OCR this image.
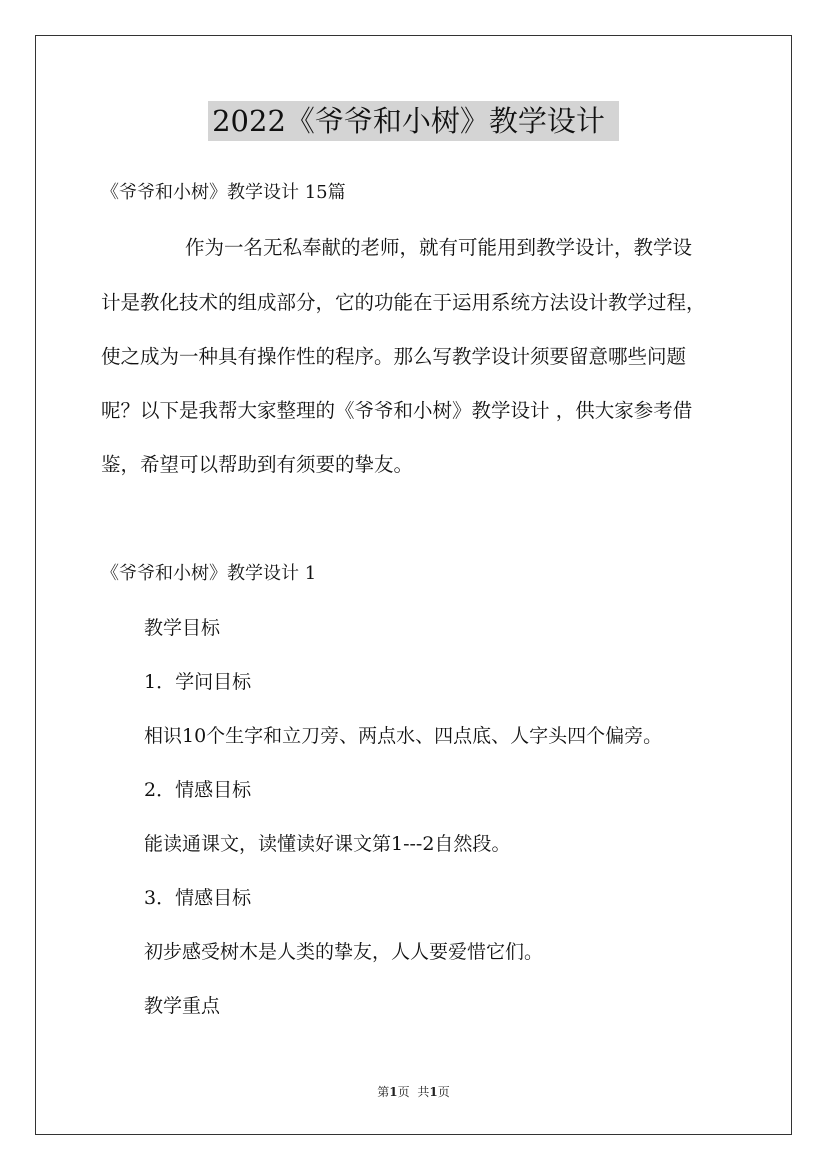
2022《爷爷和小树》教学设计
《爷爷和小树》教学设计 15篇
作为一名无私奉献的老师，就有可能用到教学设计，教学设
计是教化技术的组成部分，它的功能在于运用系统方法设计教学过程，
使之成为一种具有操作性的程序。那么写教学设计须要留意哪些问题
呢？以下是我帮大家整理的《爷爷和小树》教学设计 ，供大家参考借
鉴，希望可以帮助到有须要的挚友。
《爷爷和小树》教学设计 1
教学目标
1．学问目标
相识10个生字和立刀旁、两点水、四点底、人字头四个偏旁。
2．情感目标
能读通课文，读懂读好课文第1---2自然段。
3．情感目标
初步感受树木是人类的挚友，人人要爱惜它们。
教学重点
第1页 共1页
